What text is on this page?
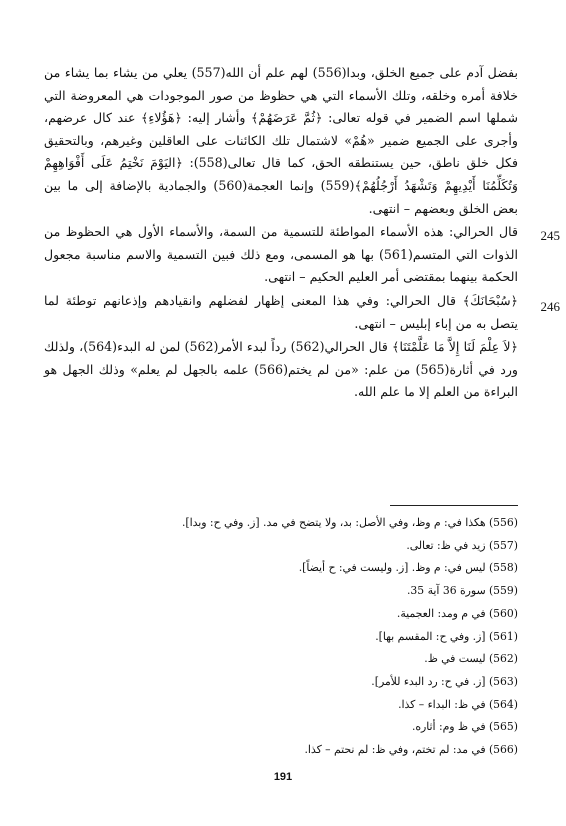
بفضل آدم على جميع الخلق، وبدا(556) لهم علم أن الله(557) يعلي من يشاء بما يشاء من خلافة أمره وخلقه، وتلك الأسماء التي هي حظوظ من صور الموجودات هي المعروضة التي شملها اسم الضمير في قوله تعالى: ﴿ثُمَّ عَرَضَهُمْ﴾ وأشار إليه: ﴿هَؤُلاءِ﴾ عند كال عرضهم، وأجرى على الجميع ضمير «هُمْ» لاشتمال تلك الكائنات على العاقلين وغيرهم، وبالتحقيق فكل خلق ناطق، حين يستنطقه الحق، كما قال تعالى(558): ﴿اليَوْمَ نَخْتِمُ عَلَى أَفْوَاهِهِمْ وَتُكَلِّمُنَا أَيْدِيهِمْ وَتَشْهَدُ أَرْجُلُهُمْ﴾(559) وإنما العجمة(560) والجمادية بالإضافة إلى ما بين بعض الخلق وبعضهم – انتهى.

245
قال الحرالي: هذه الأسماء المواطئة للتسمية من السمة، والأسماء الأول هي الحظوظ من الذوات التي المتسم(561) بها هو المسمى، ومع ذلك فبين التسمية والاسم مناسبة مجعول الحكمة بينهما بمقتضى أمر العليم الحكيم – انتهى.

246
﴿سُبْحَانَكَ﴾ قال الحرالي: وفي هذا المعنى إظهار لفضلهم وانقيادهم وإذعانهم توطئة لما يتصل به من إباء إبليس – انتهى.

﴿لاَ عِلْمَ لَنَا إِلاَّ مَا عَلَّمْتَنَا﴾ قال الحرالي(562) رداً لبدء الأمر(562) لمن له البدء(564)، ولذلك ورد في أثارة(565) من علم: «من لم يختم(566) علمه بالجهل لم يعلم» وذلك الجهل هو البراءة من العلم إلا ما علم الله.

(556) هكذا في: م وظ، وفي الأصل: بد، ولا يتضح في مد. [ز. وفي ح: وبدا].

(557) زيد في ظ: تعالى.

(558) ليس في: م وظ. [ز. وليست في: ح أيضاً].

(559) سورة 36 آية 35.

(560) في م ومد: العجمية.

(561) [ز. وفي ح: المقسم بها].

(562) ليست في ظ.

(563) [ز. في ح: رد البدء للأمر].

(564) في ظ: البداء – كذا.

(565) في ظ وم: أثاره.

(566) في مد: لم تختم، وفي ظ: لم نحتم – كذا.

191
